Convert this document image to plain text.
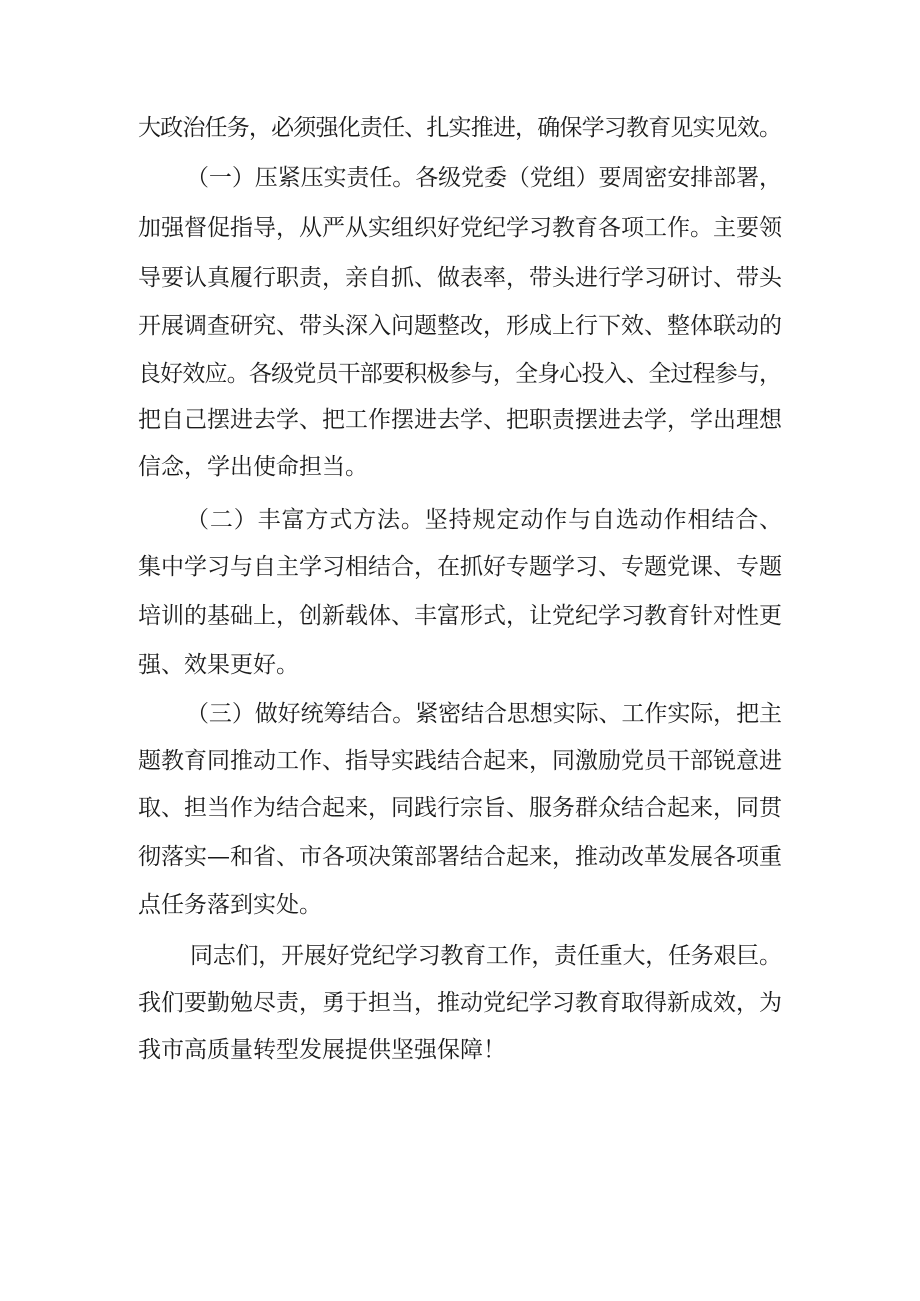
大政治任务，必须强化责任、扎实推进，确保学习教育见实见效。
（一）压紧压实责任。各级党委（党组）要周密安排部署，
加强督促指导，从严从实组织好党纪学习教育各项工作。主要领
导要认真履行职责，亲自抓、做表率，带头进行学习研讨、带头
开展调查研究、带头深入问题整改，形成上行下效、整体联动的
良好效应。各级党员干部要积极参与，全身心投入、全过程参与，
把自己摆进去学、把工作摆进去学、把职责摆进去学，学出理想
信念，学出使命担当。
（二）丰富方式方法。坚持规定动作与自选动作相结合、
集中学习与自主学习相结合，在抓好专题学习、专题党课、专题
培训的基础上，创新载体、丰富形式，让党纪学习教育针对性更
强、效果更好。
（三）做好统筹结合。紧密结合思想实际、工作实际，把主
题教育同推动工作、指导实践结合起来，同激励党员干部锐意进
取、担当作为结合起来，同践行宗旨、服务群众结合起来，同贯
彻落实—和省、市各项决策部署结合起来，推动改革发展各项重
点任务落到实处。
同志们，开展好党纪学习教育工作，责任重大，任务艰巨。
我们要勤勉尽责，勇于担当，推动党纪学习教育取得新成效，为
我市高质量转型发展提供坚强保障！
